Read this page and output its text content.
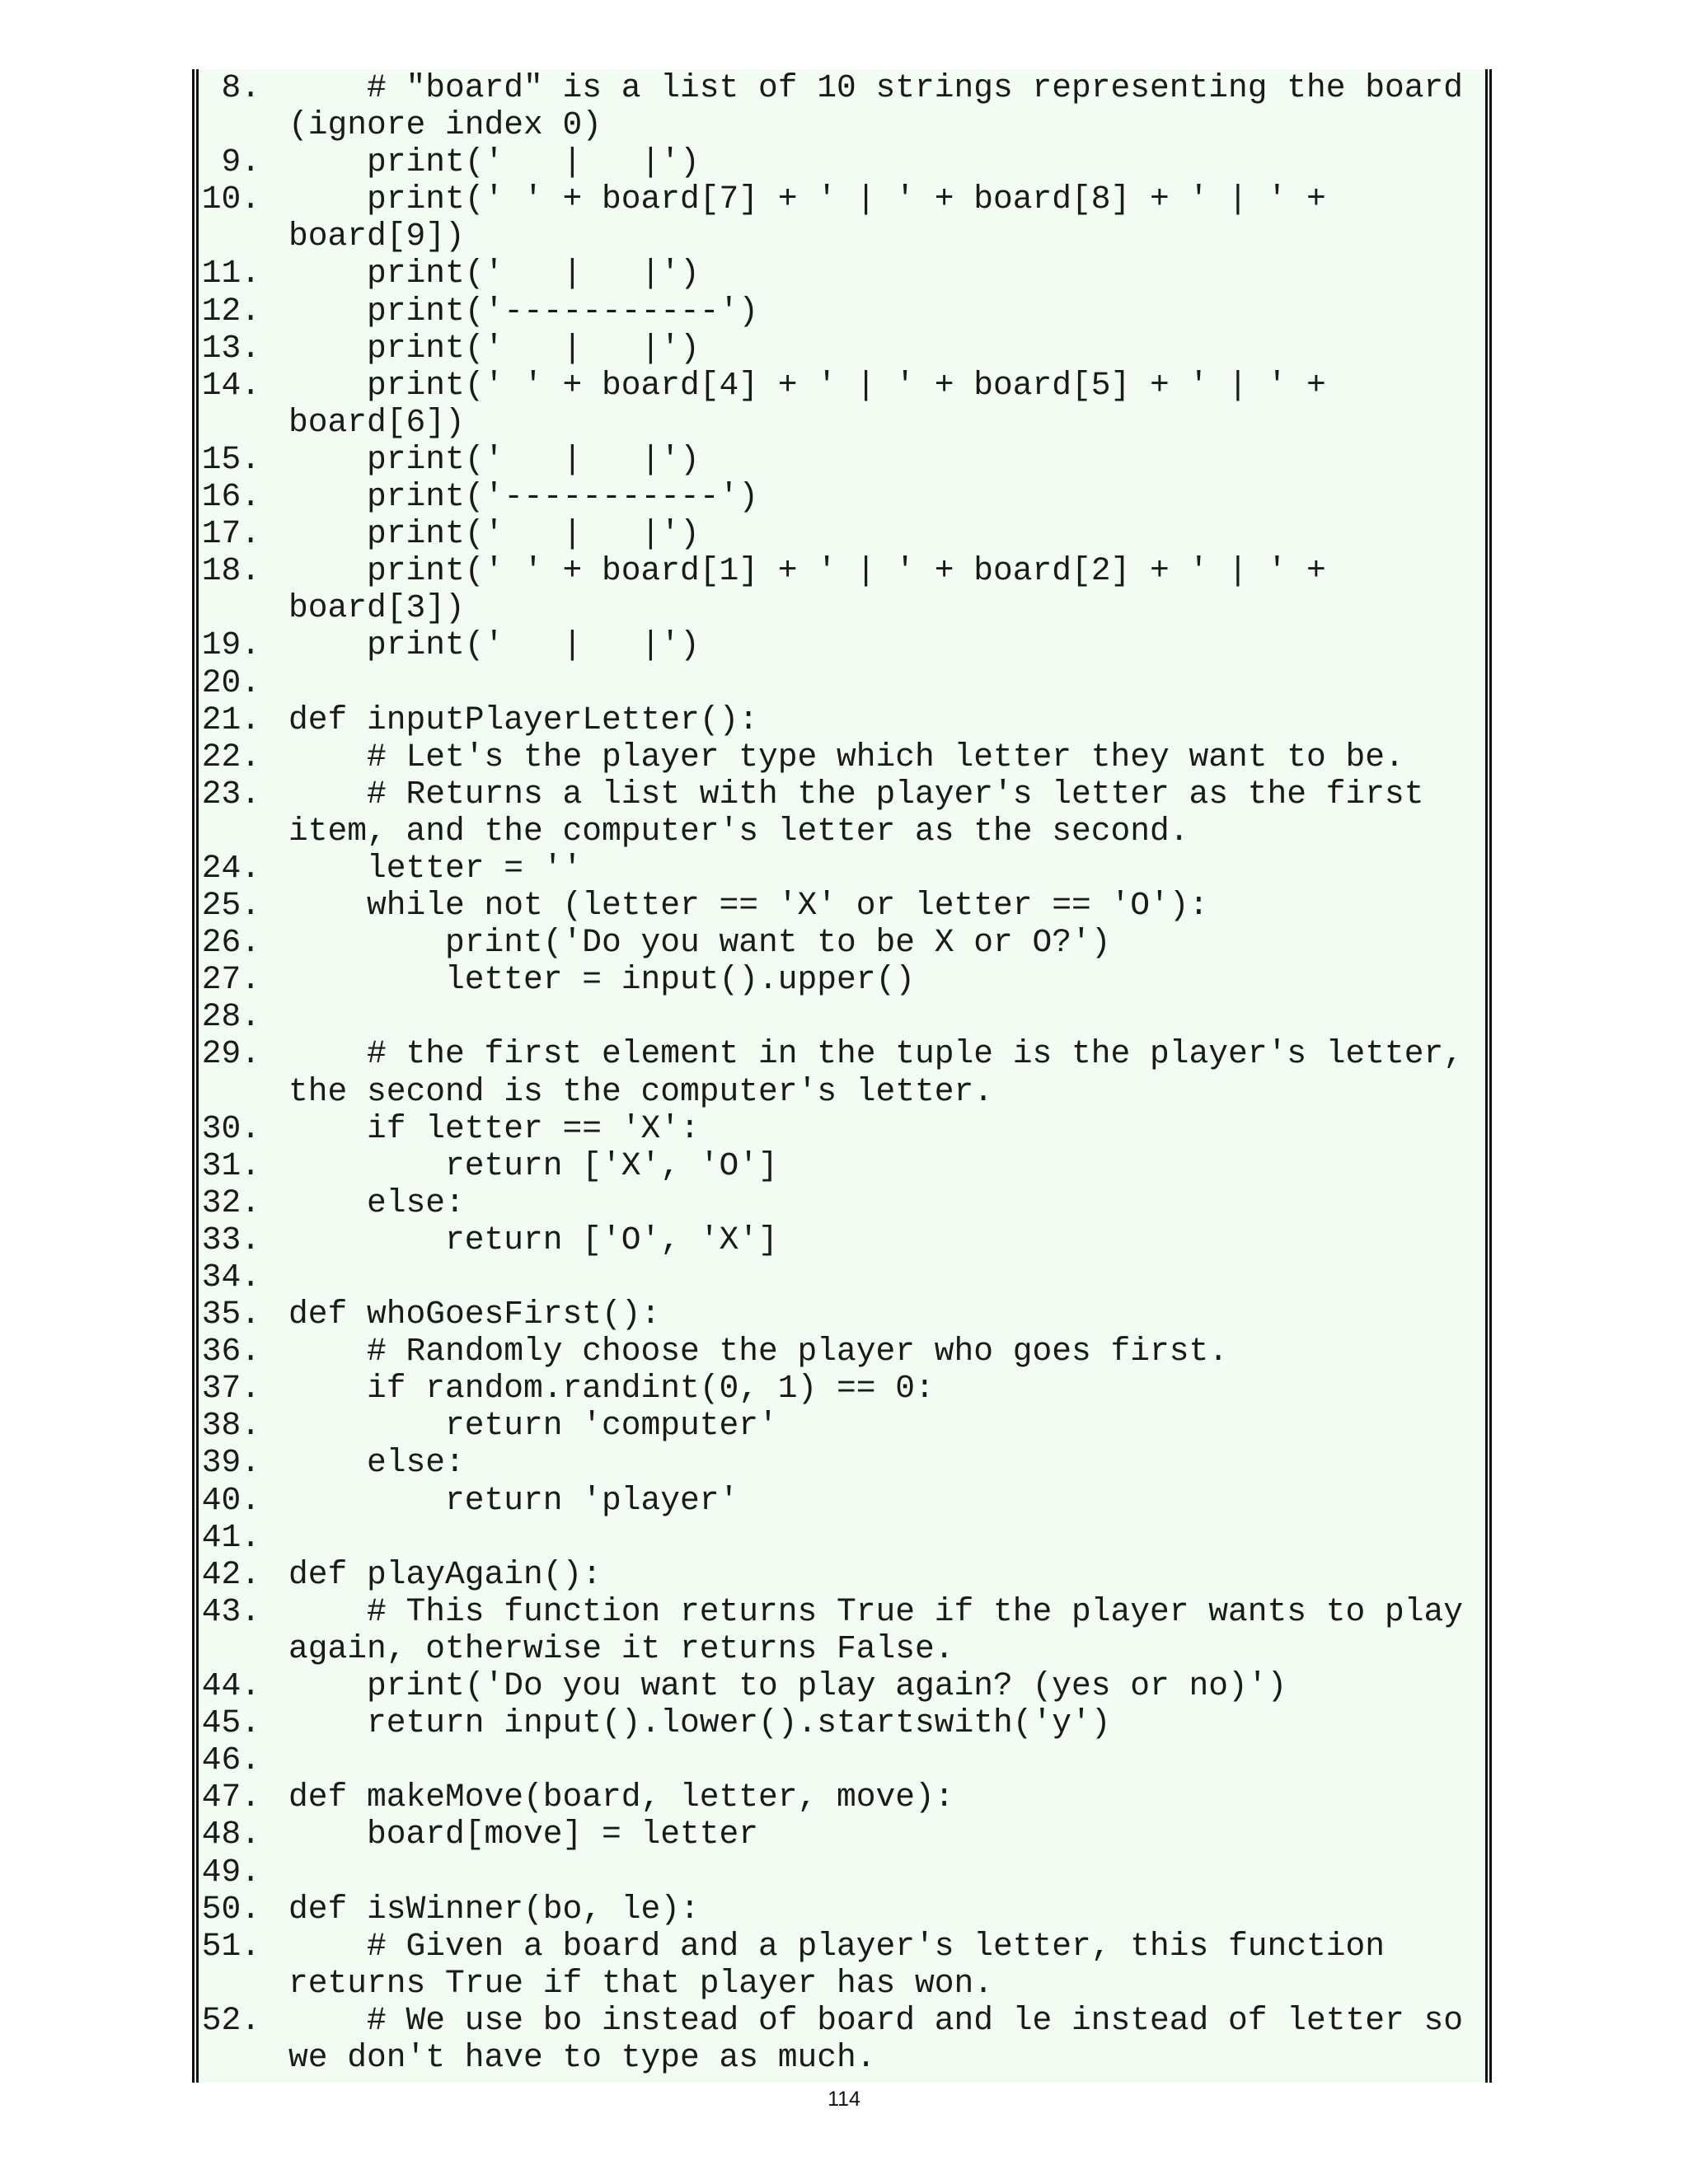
8. # "board" is a list of 10 strings representing the board (ignore index 0)
9. print('   |   |')
10. print(' ' + board[7] + ' | ' + board[8] + ' | ' + board[9])
11. print('   |   |')
12. print('-----------')
13. print('   |   |')
14. print(' ' + board[4] + ' | ' + board[5] + ' | ' + board[6])
15. print('   |   |')
16. print('-----------')
17. print('   |   |')
18. print(' ' + board[1] + ' | ' + board[2] + ' | ' + board[3])
19. print('   |   |')
20.
21. def inputPlayerLetter():
22. # Let's the player type which letter they want to be.
23. # Returns a list with the player's letter as the first item, and the computer's letter as the second.
24. letter = ''
25. while not (letter == 'X' or letter == 'O'):
26. print('Do you want to be X or O?')
27. letter = input().upper()
28.
29. # the first element in the tuple is the player's letter, the second is the computer's letter.
30. if letter == 'X':
31. return ['X', 'O']
32. else:
33. return ['O', 'X']
34.
35. def whoGoesFirst():
36. # Randomly choose the player who goes first.
37. if random.randint(0, 1) == 0:
38. return 'computer'
39. else:
40. return 'player'
41.
42. def playAgain():
43. # This function returns True if the player wants to play again, otherwise it returns False.
44. print('Do you want to play again? (yes or no)')
45. return input().lower().startswith('y')
46.
47. def makeMove(board, letter, move):
48. board[move] = letter
49.
50. def isWinner(bo, le):
51. # Given a board and a player's letter, this function returns True if that player has won.
52. # We use bo instead of board and le instead of letter so we don't have to type as much.
114
